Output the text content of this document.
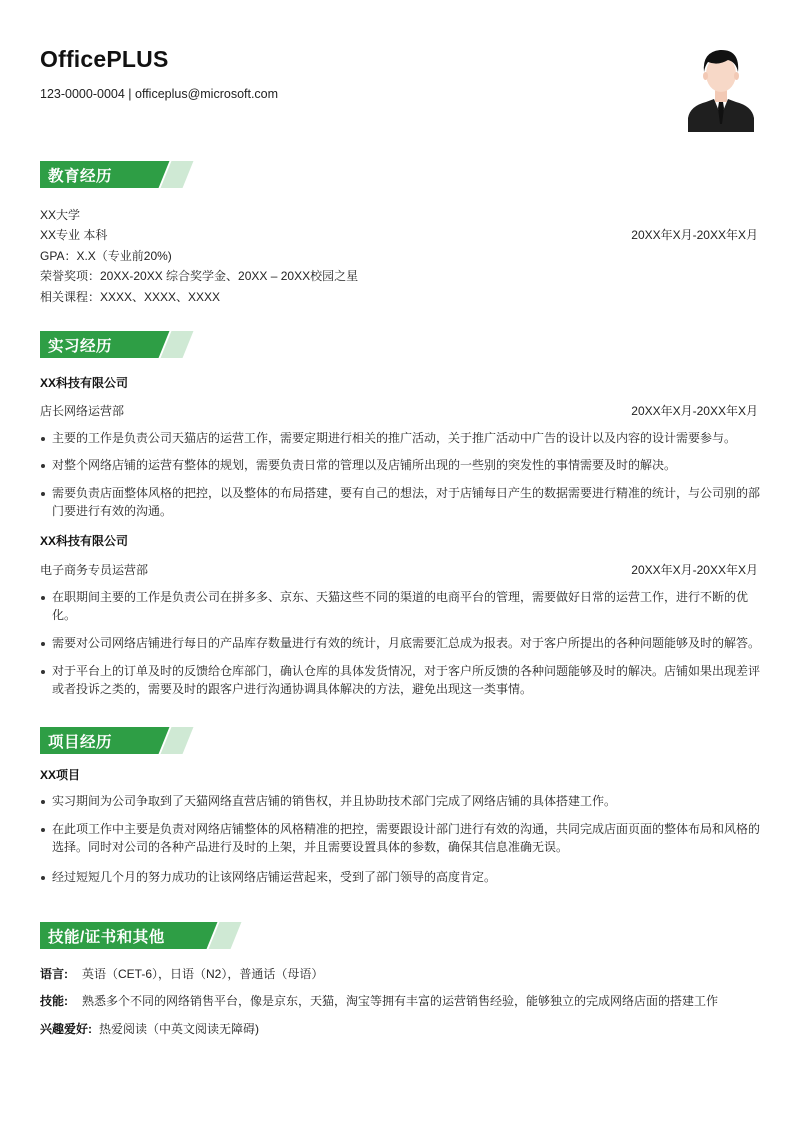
OfficePLUS
123-0000-0004 | officeplus@microsoft.com
教育经历
XX大学
XX专业 本科	20XX年X月-20XX年X月
GPA：X.X（专业前20%)
荣誉奖项：20XX-20XX 综合奖学金、20XX – 20XX校园之星
相关课程：XXXX、XXXX、XXXX
实习经历
XX科技有限公司
店长网络运营部	20XX年X月-20XX年X月
主要的工作是负责公司天猫店的运营工作，需要定期进行相关的推广活动，关于推广活动中广告的设计以及内容的设计需要参与。
对整个网络店铺的运营有整体的规划，需要负责日常的管理以及店铺所出现的一些别的突发性的事情需要及时的解决。
需要负责店面整体风格的把控，以及整体的布局搭建，要有自己的想法，对于店铺每日产生的数据需要进行精准的统计，与公司别的部门要进行有效的沟通。
XX科技有限公司
电子商务专员运营部	20XX年X月-20XX年X月
在职期间主要的工作是负责公司在拼多多、京东、天猫这些不同的渠道的电商平台的管理，需要做好日常的运营工作，进行不断的优化。
需要对公司网络店铺进行每日的产品库存数量进行有效的统计，月底需要汇总成为报表。对于客户所提出的各种问题能够及时的解答。
对于平台上的订单及时的反馈给仓库部门，确认仓库的具体发货情况，对于客户所反馈的各种问题能够及时的解决。店铺如果出现差评或者投诉之类的，需要及时的跟客户进行沟通协调具体解决的方法，避免出现这一类事情。
项目经历
XX项目
实习期间为公司争取到了天猫网络直营店铺的销售权，并且协助技术部门完成了网络店铺的具体搭建工作。
在此项工作中主要是负责对网络店铺整体的风格精准的把控，需要跟设计部门进行有效的沟通，共同完成店面页面的整体布局和风格的选择。同时对公司的各种产品进行及时的上架，并且需要设置具体的参数，确保其信息准确无误。
经过短短几个月的努力成功的让该网络店铺运营起来，受到了部门领导的高度肯定。
技能/证书和其他
语言: 英语（CET-6），日语（N2），普通话（母语）
技能: 熟悉多个不同的网络销售平台，像是京东，天猫，淘宝等拥有丰富的运营销售经验，能够独立的完成网络店面的搭建工作
兴趣爱好: 热爱阅读（中英文阅读无障碍)
